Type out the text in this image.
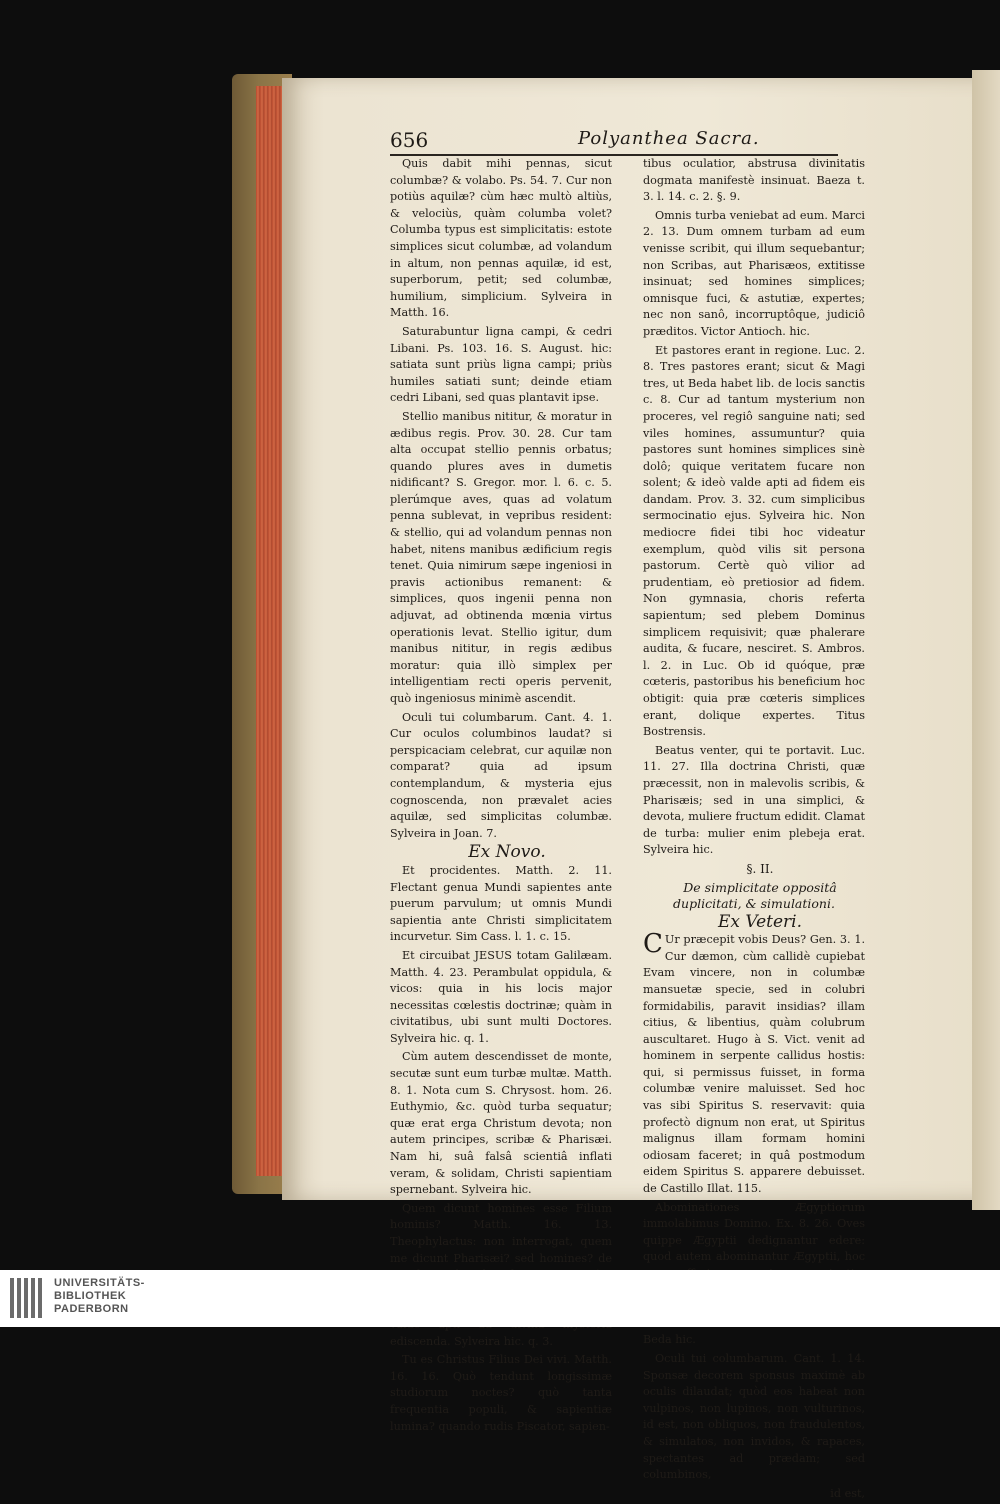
656	Polyanthea Sacra.

Quis dabit mihi pennas, sicut columbæ? & volabo. Ps. 54. 7. Cur non potiùs aquilæ? cùm hæc multò altiùs, & velociùs, quàm columba volet? Columba typus est simplicitatis: estote simplices sicut columbæ, ad volandum in altum, non pennas aquilæ, id est, superborum, petit; sed columbæ, humilium, simplicium. Sylveira in Matth. 16.

Saturabuntur ligna campi, & cedri Libani. Ps. 103. 16. S. August. hic: satiata sunt priùs ligna campi; priùs humiles satiati sunt; deinde etiam cedri Libani, sed quas plantavit ipse.

Stellio manibus nititur, & moratur in ædibus regis. Prov. 30. 28. Cur tam alta occupat stellio pennis orbatus; quando plures aves in dumetis nidificant? S. Gregor. mor. l. 6. c. 5. plerúmque aves, quas ad volatum penna sublevat, in vepribus resident: & stellio, qui ad volandum pennas non habet, nitens manibus ædificium regis tenet. Quia nimirum sæpe ingeniosi in pravis actionibus remanent: & simplices, quos ingenii penna non adjuvat, ad obtinenda mœnia virtus operationis levat. Stellio igitur, dum manibus nititur, in regis ædibus moratur: quia illò simplex per intelligentiam recti operis pervenit, quò ingeniosus minimè ascendit.

Oculi tui columbarum. Cant. 4. 1. Cur oculos columbinos laudat? si perspicaciam celebrat, cur aquilæ non comparat? quia ad ipsum contemplandum, & mysteria ejus cognoscenda, non prævalet acies aquilæ, sed simplicitas columbæ. Sylveira in Joan. 7.

Ex Novo.

Et procidentes. Matth. 2. 11. Flectant genua Mundi sapientes ante puerum parvulum; ut omnis Mundi sapientia ante Christi simplicitatem incurvetur. Sim Cass. l. 1. c. 15.

Et circuibat JESUS totam Galilæam. Matth. 4. 23. Perambulat oppidula, & vicos: quia in his locis major necessitas cœlestis doctrinæ; quàm in civitatibus, ubi sunt multi Doctores. Sylveira hic. q. 1.

Cùm autem descendisset de monte, secutæ sunt eum turbæ multæ. Matth. 8. 1. Nota cum S. Chrysost. hom. 26. Euthymio, &c. quòd turba sequatur; quæ erat erga Christum devota; non autem principes, scribæ & Pharisæi. Nam hi, suâ falsâ scientiâ inflati veram, & solidam, Christi sapientiam spernebant. Sylveira hic.

Quem dicunt homines esse Filium hominis? Matth. 16. 13. Theophylactus: non interrogat, quem me dicunt Pharisæi? sed homines? de ediscenda. Sylveira hic. q. 3.

Tu es Christus Filius Dei vivi. Matth. 16. 16. Quò tendunt longissimæ studiorum noctes? quò tanta frequentia populi, & sapientiæ lumina? quando rudis Piscator, sapien-

tibus oculatior, abstrusa divinitatis dogmata manifestè insinuat. Baeza t. 3. l. 14. c. 2. §. 9.

Omnis turba veniebat ad eum. Marci 2. 13. Dum omnem turbam ad eum venisse scribit, qui illum sequebantur; non Scribas, aut Pharisæos, extitisse insinuat; sed homines simplices; omnisque fuci, & astutiæ, expertes; nec non sanô, incorruptôque, judiciô præditos. Victor Antioch. hic.

Et pastores erant in regione. Luc. 2. 8. Tres pastores erant; sicut & Magi tres, ut Beda habet lib. de locis sanctis c. 8. Cur ad tantum mysterium non proceres, vel regiô sanguine nati; sed viles homines, assumuntur? quia pastores sunt homines simplices sinè dolô; quique veritatem fucare non solent; & ideò valde apti ad fidem eis dandam. Prov. 3. 32. cum simplicibus sermocinatio ejus. Sylveira hic. Non mediocre fidei tibi hoc videatur exemplum, quòd vilis sit persona pastorum. Certè quò vilior ad prudentiam, eò pretiosior ad fidem. Non gymnasia, choris referta sapientum; sed plebem Dominus simplicem requisivit; quæ phalerare audita, & fucare, nesciret. S. Ambros. l. 2. in Luc. Ob id quóque, præ cœteris, pastoribus his beneficium hoc obtigit: quia præ cœteris simplices erant, dolique expertes. Titus Bostrensis.

Beatus venter, qui te portavit. Luc. 11. 27. Illa doctrina Christi, quæ præcessit, non in malevolis scribis, & Pharisæis; sed in una simplici, & devota, muliere fructum edidit. Clamat de turba: mulier enim plebeja erat. Sylveira hic.

§. II.

De simplicitate oppositâ duplicitati, & simulationi.

Ex Veteri.

C Ur præcepit vobis Deus? Gen. 3. 1. Cur dæmon, cùm callidè cupiebat Evam vincere, non in columbæ mansuetæ specie, sed in colubri formidabilis, paravit insidias? illam citius, & libentius, quàm colubrum auscultaret. Hugo à S. Vict. venit ad hominem in serpente callidus hostis: qui, si permissus fuisset, in forma columbæ venire maluisset. Sed hoc vas sibi Spiritus S. reservavit: quia profectò dignum non erat, ut Spiritus malignus illam formam homini odiosam faceret; in quâ postmodum eidem Spiritus S. apparere debuisset. de Castillo Illat. 115.

Abominationes Ægyptiorum immolabimus Domino. Ex. 8. 26. Oves quippe Ægyptii dedignantur edere: quod autem abominantur Ægyptii, hoc Beda hic.

Oculi tui columbarum. Cant. 1. 14. Sponsæ decorem sponsus maximè ab oculis dilaudat; quòd eos habeat non vulpinos, non lupinos, non vulturinos, id est, non obliquos, non fraudulentos, & simulatos, non invidos, & rapaces, spectantes ad prædam; sed columbinos,

id est,

UNIVERSITÄTS-
BIBLIOTHEK
PADERBORN
